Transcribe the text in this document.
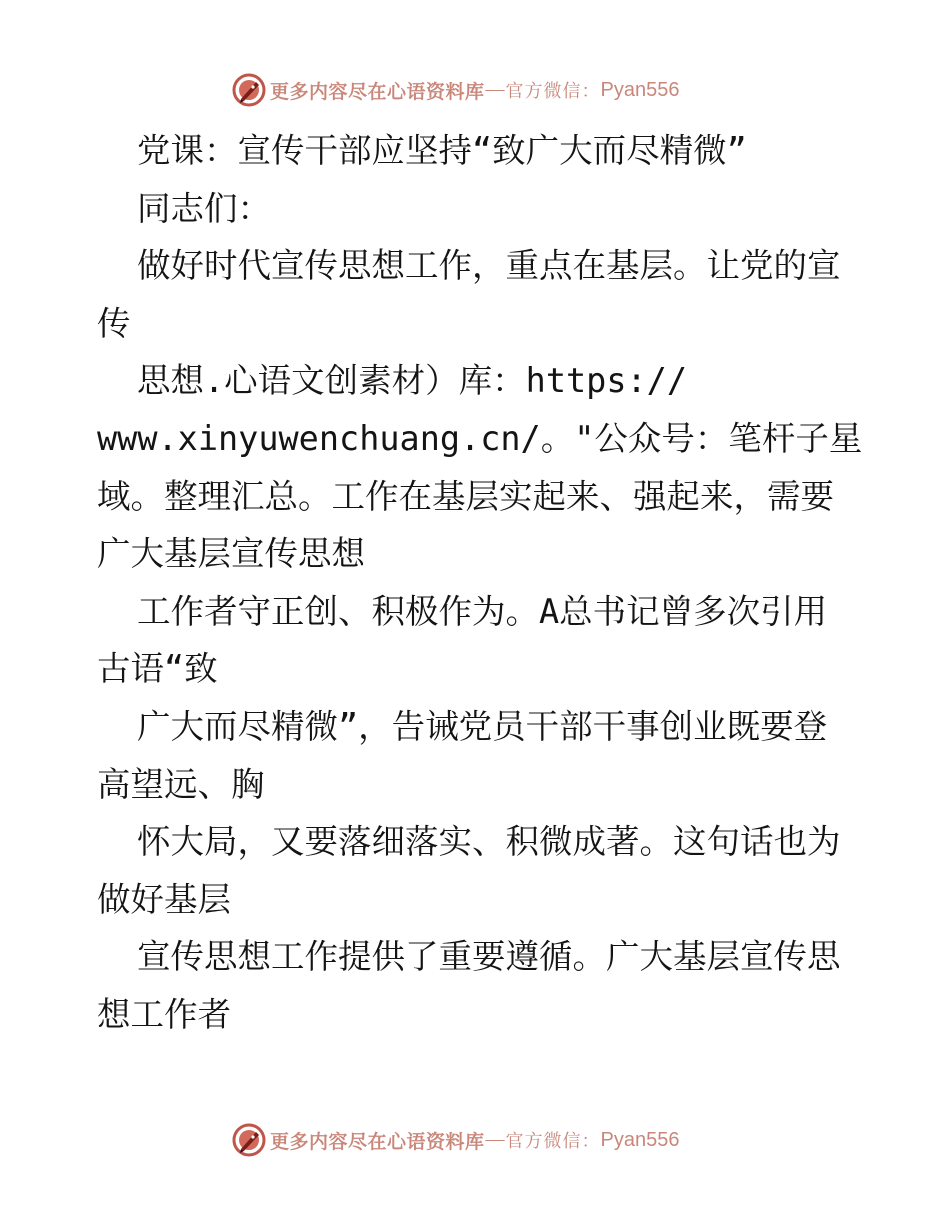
更多内容尽在心语资料库 — 官方微信： Pyan556
党课：宣传干部应坚持“致广大而尽精微”
同志们：
做好时代宣传思想工作，重点在基层。让党的宣
传
思想.心语文创素材）库：https://
www.xinyuwenchuang.cn/。"公众号：笔杆子星
域。整理汇总。工作在基层实起来、强起来，需要
广大基层宣传思想
工作者守正创、积极作为。A总书记曾多次引用
古语“致
广大而尽精微”，告诫党员干部干事创业既要登
高望远、胸
怀大局，又要落细落实、积微成著。这句话也为
做好基层
宣传思想工作提供了重要遵循。广大基层宣传思
想工作者
更多内容尽在心语资料库 — 官方微信： Pyan556
